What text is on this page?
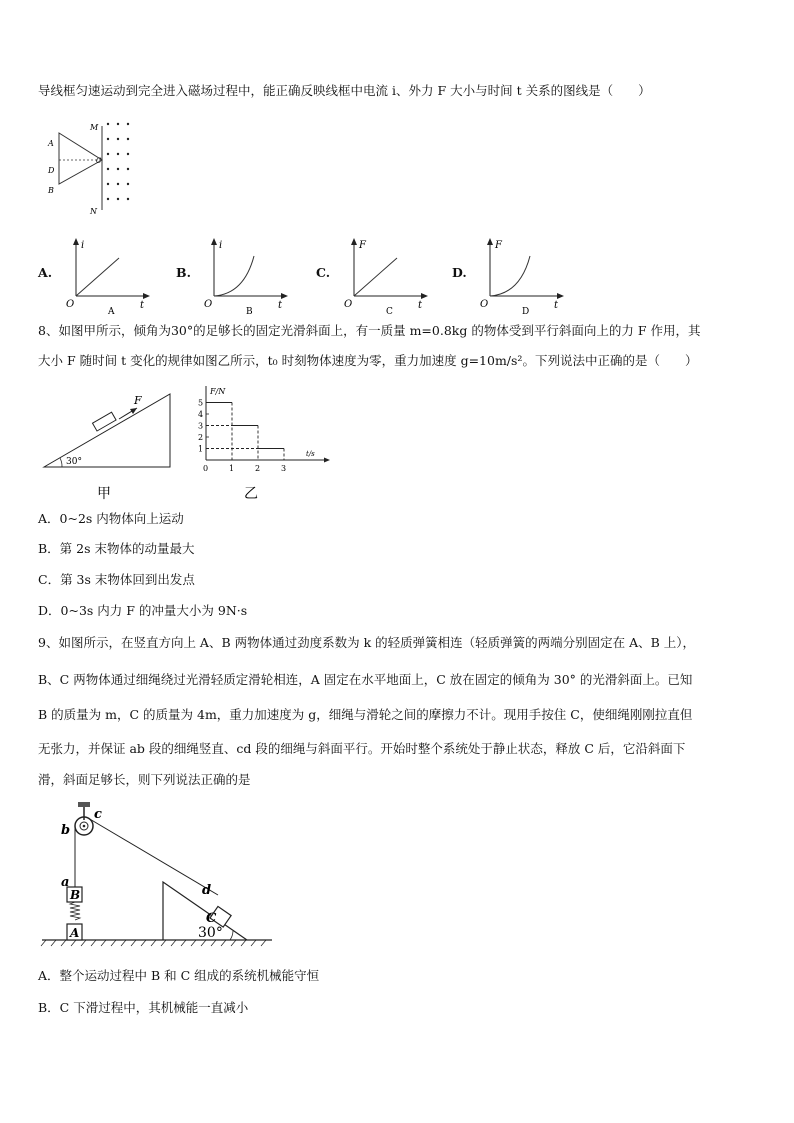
导线框匀速运动到完全进入磁场过程中，能正确反映线框中电流 i、外力 F 大小与时间 t 关系的图线是（　　）
A
D
B
C
M
N
A.
i
O	t
A
B.
i
O	t
B
C.
F
O	t
C
D.
F
O	t
D
8、如图甲所示，倾角为30°的足够长的固定光滑斜面上，有一质量 m=0.8kg 的物体受到平行斜面向上的力 F 作用，其
大小 F 随时间 t 变化的规律如图乙所示，t₀ 时刻物体速度为零，重力加速度 g=10m/s²。下列说法中正确的是（　　）
F
30°
甲
1
2
3
4
5
0	1	2	3
F/N
t/s
乙
A．0~2s 内物体向上运动
B．第 2s 末物体的动量最大
C．第 3s 末物体回到出发点
D．0~3s 内力 F 的冲量大小为 9N·s
9、如图所示，在竖直方向上 A、B 两物体通过劲度系数为 k 的轻质弹簧相连（轻质弹簧的两端分别固定在 A、B 上），
B、C 两物体通过细绳绕过光滑轻质定滑轮相连，A 固定在水平地面上，C 放在固定的倾角为 30° 的光滑斜面上。已知
B 的质量为 m，C 的质量为 4m，重力加速度为 g，细绳与滑轮之间的摩擦力不计。现用手按住 C，使细绳刚刚拉直但
无张力，并保证 ab 段的细绳竖直、cd 段的细绳与斜面平行。开始时整个系统处于静止状态，释放 C 后，它沿斜面下
滑，斜面足够长，则下列说法正确的是
B
A
C
30°
b
c
a
d
A．整个运动过程中 B 和 C 组成的系统机械能守恒
B．C 下滑过程中，其机械能一直减小
